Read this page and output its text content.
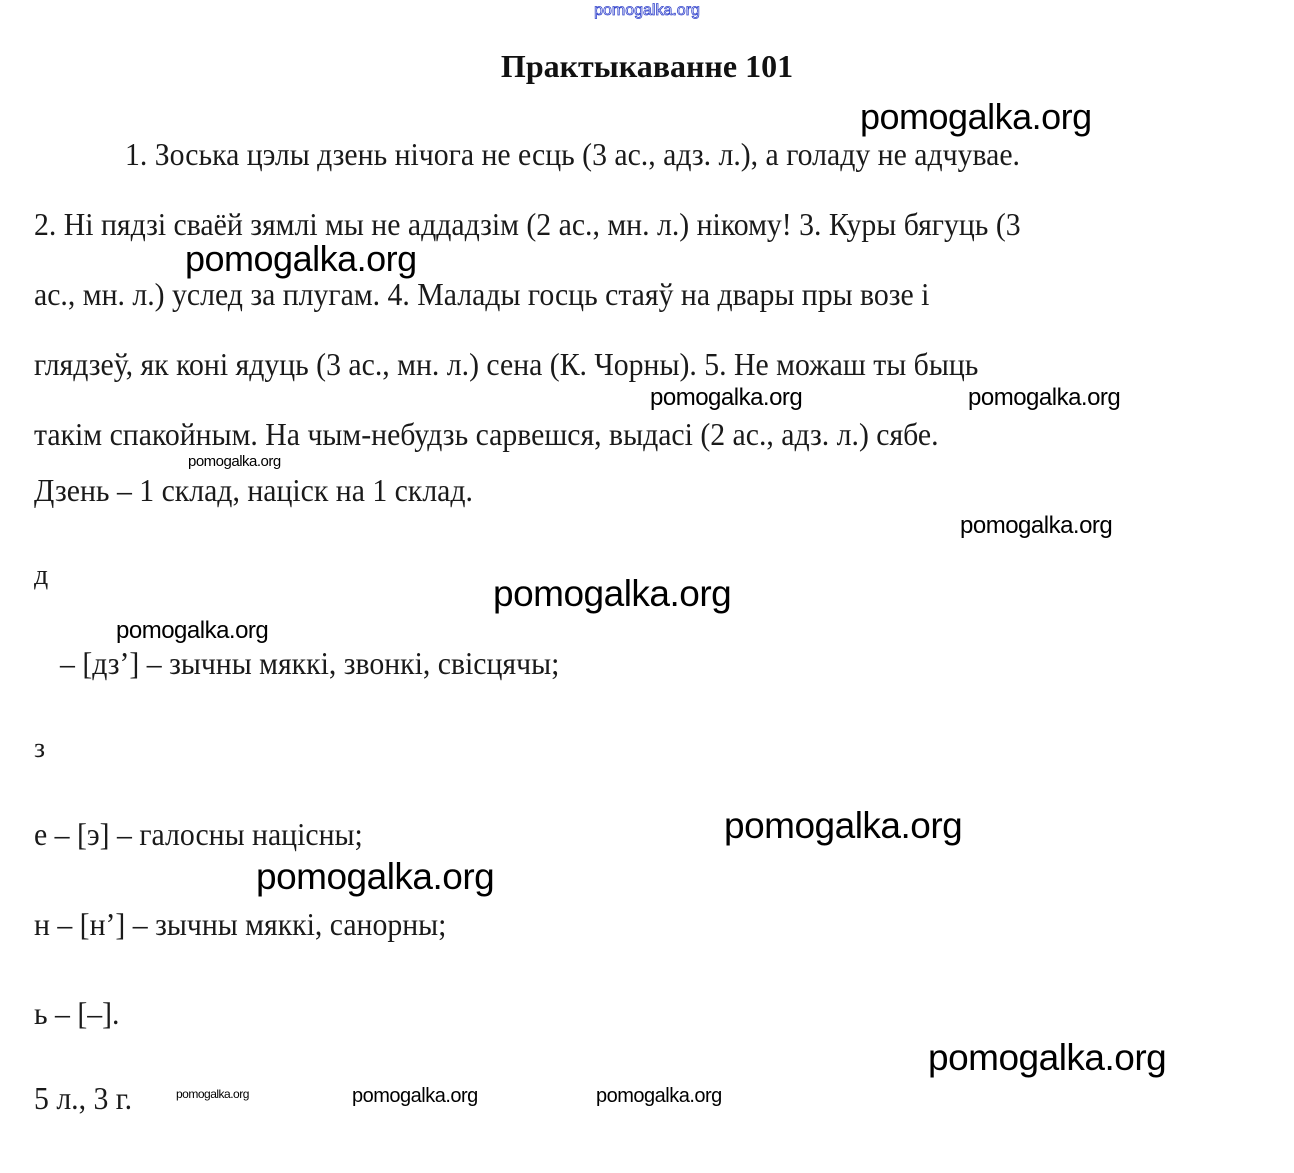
pomogalka.org
Практыкаванне 101
1. Зоська цэлы дзень нічога не есць (3 ас., адз. л.), а голаду не адчувае.
2. Ні пядзі сваёй зямлі мы не аддадзім (2 ас., мн. л.) нікому! 3. Куры бягуць (3
ас., мн. л.) услед за плугам. 4. Малады госць стаяў на двары пры возе і
глядзеў, як коні ядуць (3 ас., мн. л.) сена (К. Чорны). 5. Не можаш ты быць
такім спакойным. На чым-небудзь сарвешся, выдасі (2 ас., адз. л.) сябе.
Дзень – 1 склад, націск на 1 склад.
д
– [дз’] – зычны мяккі, звонкі, свісцячы;
з
е – [э] – галосны націсны;
н – [н’] – зычны мяккі, санорны;
ь – [–].
5 л., 3 г.
pomogalka.org
pomogalka.org
pomogalka.org	pomogalka.org
pomogalka.org
pomogalka.org
pomogalka.org
pomogalka.org
pomogalka.org
pomogalka.org
pomogalka.org
pomogalka.org	pomogalka.org	pomogalka.org
